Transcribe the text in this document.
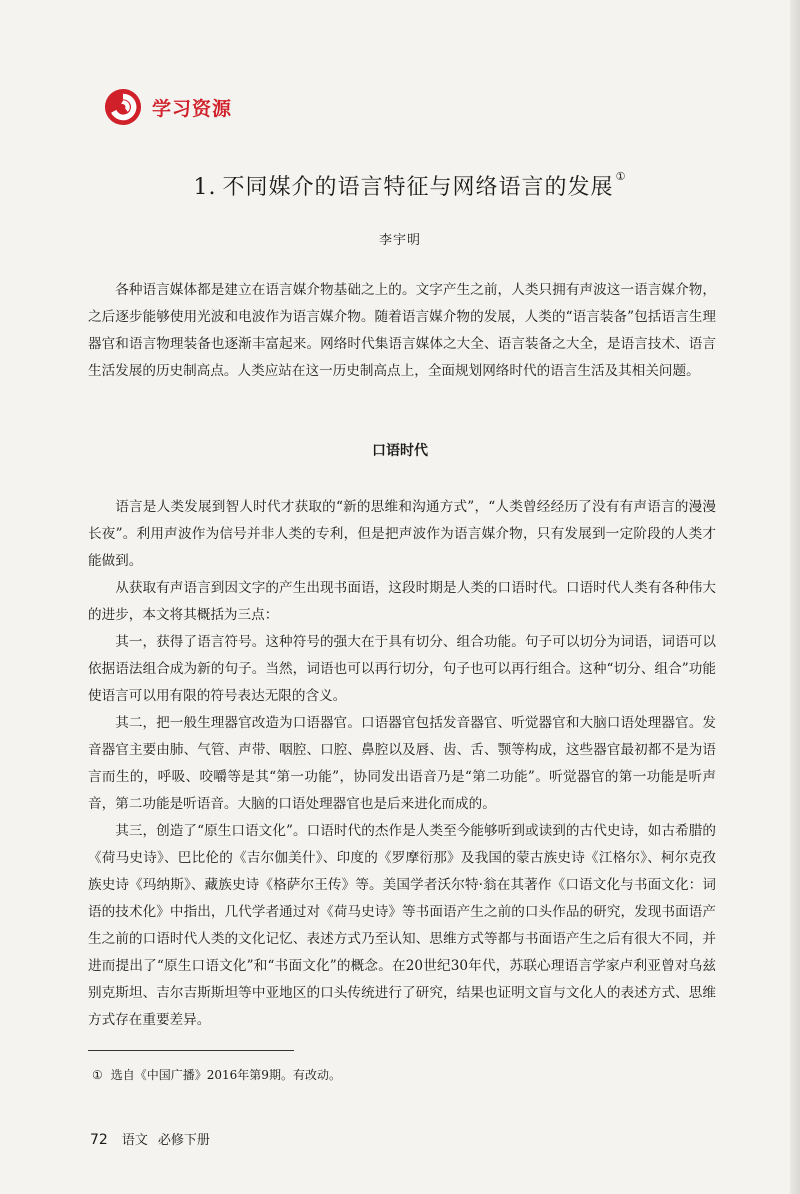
学习资源
1. 不同媒介的语言特征与网络语言的发展 ①
李宇明

各种语言媒体都是建立在语言媒介物基础之上的。文字产生之前，人类只拥有声波这一语言媒介物，之后逐步能够使用光波和电波作为语言媒介物。随着语言媒介物的发展，人类的“语言装备”包括语言生理器官和语言物理装备也逐渐丰富起来。网络时代集语言媒体之大全、语言装备之大全，是语言技术、语言生活发展的历史制高点。人类应站在这一历史制高点上，全面规划网络时代的语言生活及其相关问题。

口语时代

语言是人类发展到智人时代才获取的“新的思维和沟通方式”，“人类曾经经历了没有有声语言的漫漫长夜”。利用声波作为信号并非人类的专利，但是把声波作为语言媒介物，只有发展到一定阶段的人类才能做到。

从获取有声语言到因文字的产生出现书面语，这段时期是人类的口语时代。口语时代人类有各种伟大的进步，本文将其概括为三点：

其一，获得了语言符号。这种符号的强大在于具有切分、组合功能。句子可以切分为词语，词语可以依据语法组合成为新的句子。当然，词语也可以再行切分，句子也可以再行组合。这种“切分、组合”功能使语言可以用有限的符号表达无限的含义。

其二，把一般生理器官改造为口语器官。口语器官包括发音器官、听觉器官和大脑口语处理器官。发音器官主要由肺、气管、声带、咽腔、口腔、鼻腔以及唇、齿、舌、颚等构成，这些器官最初都不是为语言而生的，呼吸、咬嚼等是其“第一功能”，协同发出语音乃是“第二功能”。听觉器官的第一功能是听声音，第二功能是听语音。大脑的口语处理器官也是后来进化而成的。

其三，创造了“原生口语文化”。口语时代的杰作是人类至今能够听到或读到的古代史诗，如古希腊的《荷马史诗》、巴比伦的《吉尔伽美什》、印度的《罗摩衍那》及我国的蒙古族史诗《江格尔》、柯尔克孜族史诗《玛纳斯》、藏族史诗《格萨尔王传》等。美国学者沃尔特·翁在其著作《口语文化与书面文化：词语的技术化》中指出，几代学者通过对《荷马史诗》等书面语产生之前的口头作品的研究，发现书面语产生之前的口语时代人类的文化记忆、表述方式乃至认知、思维方式等都与书面语产生之后有很大不同，并进而提出了“原生口语文化”和“书面文化”的概念。在20世纪30年代，苏联心理语言学家卢利亚曾对乌兹别克斯坦、吉尔吉斯斯坦等中亚地区的口头传统进行了研究，结果也证明文盲与文化人的表述方式、思维方式存在重要差异。

① 选自《中国广播》2016年第9期。有改动。
72 语文 必修下册
